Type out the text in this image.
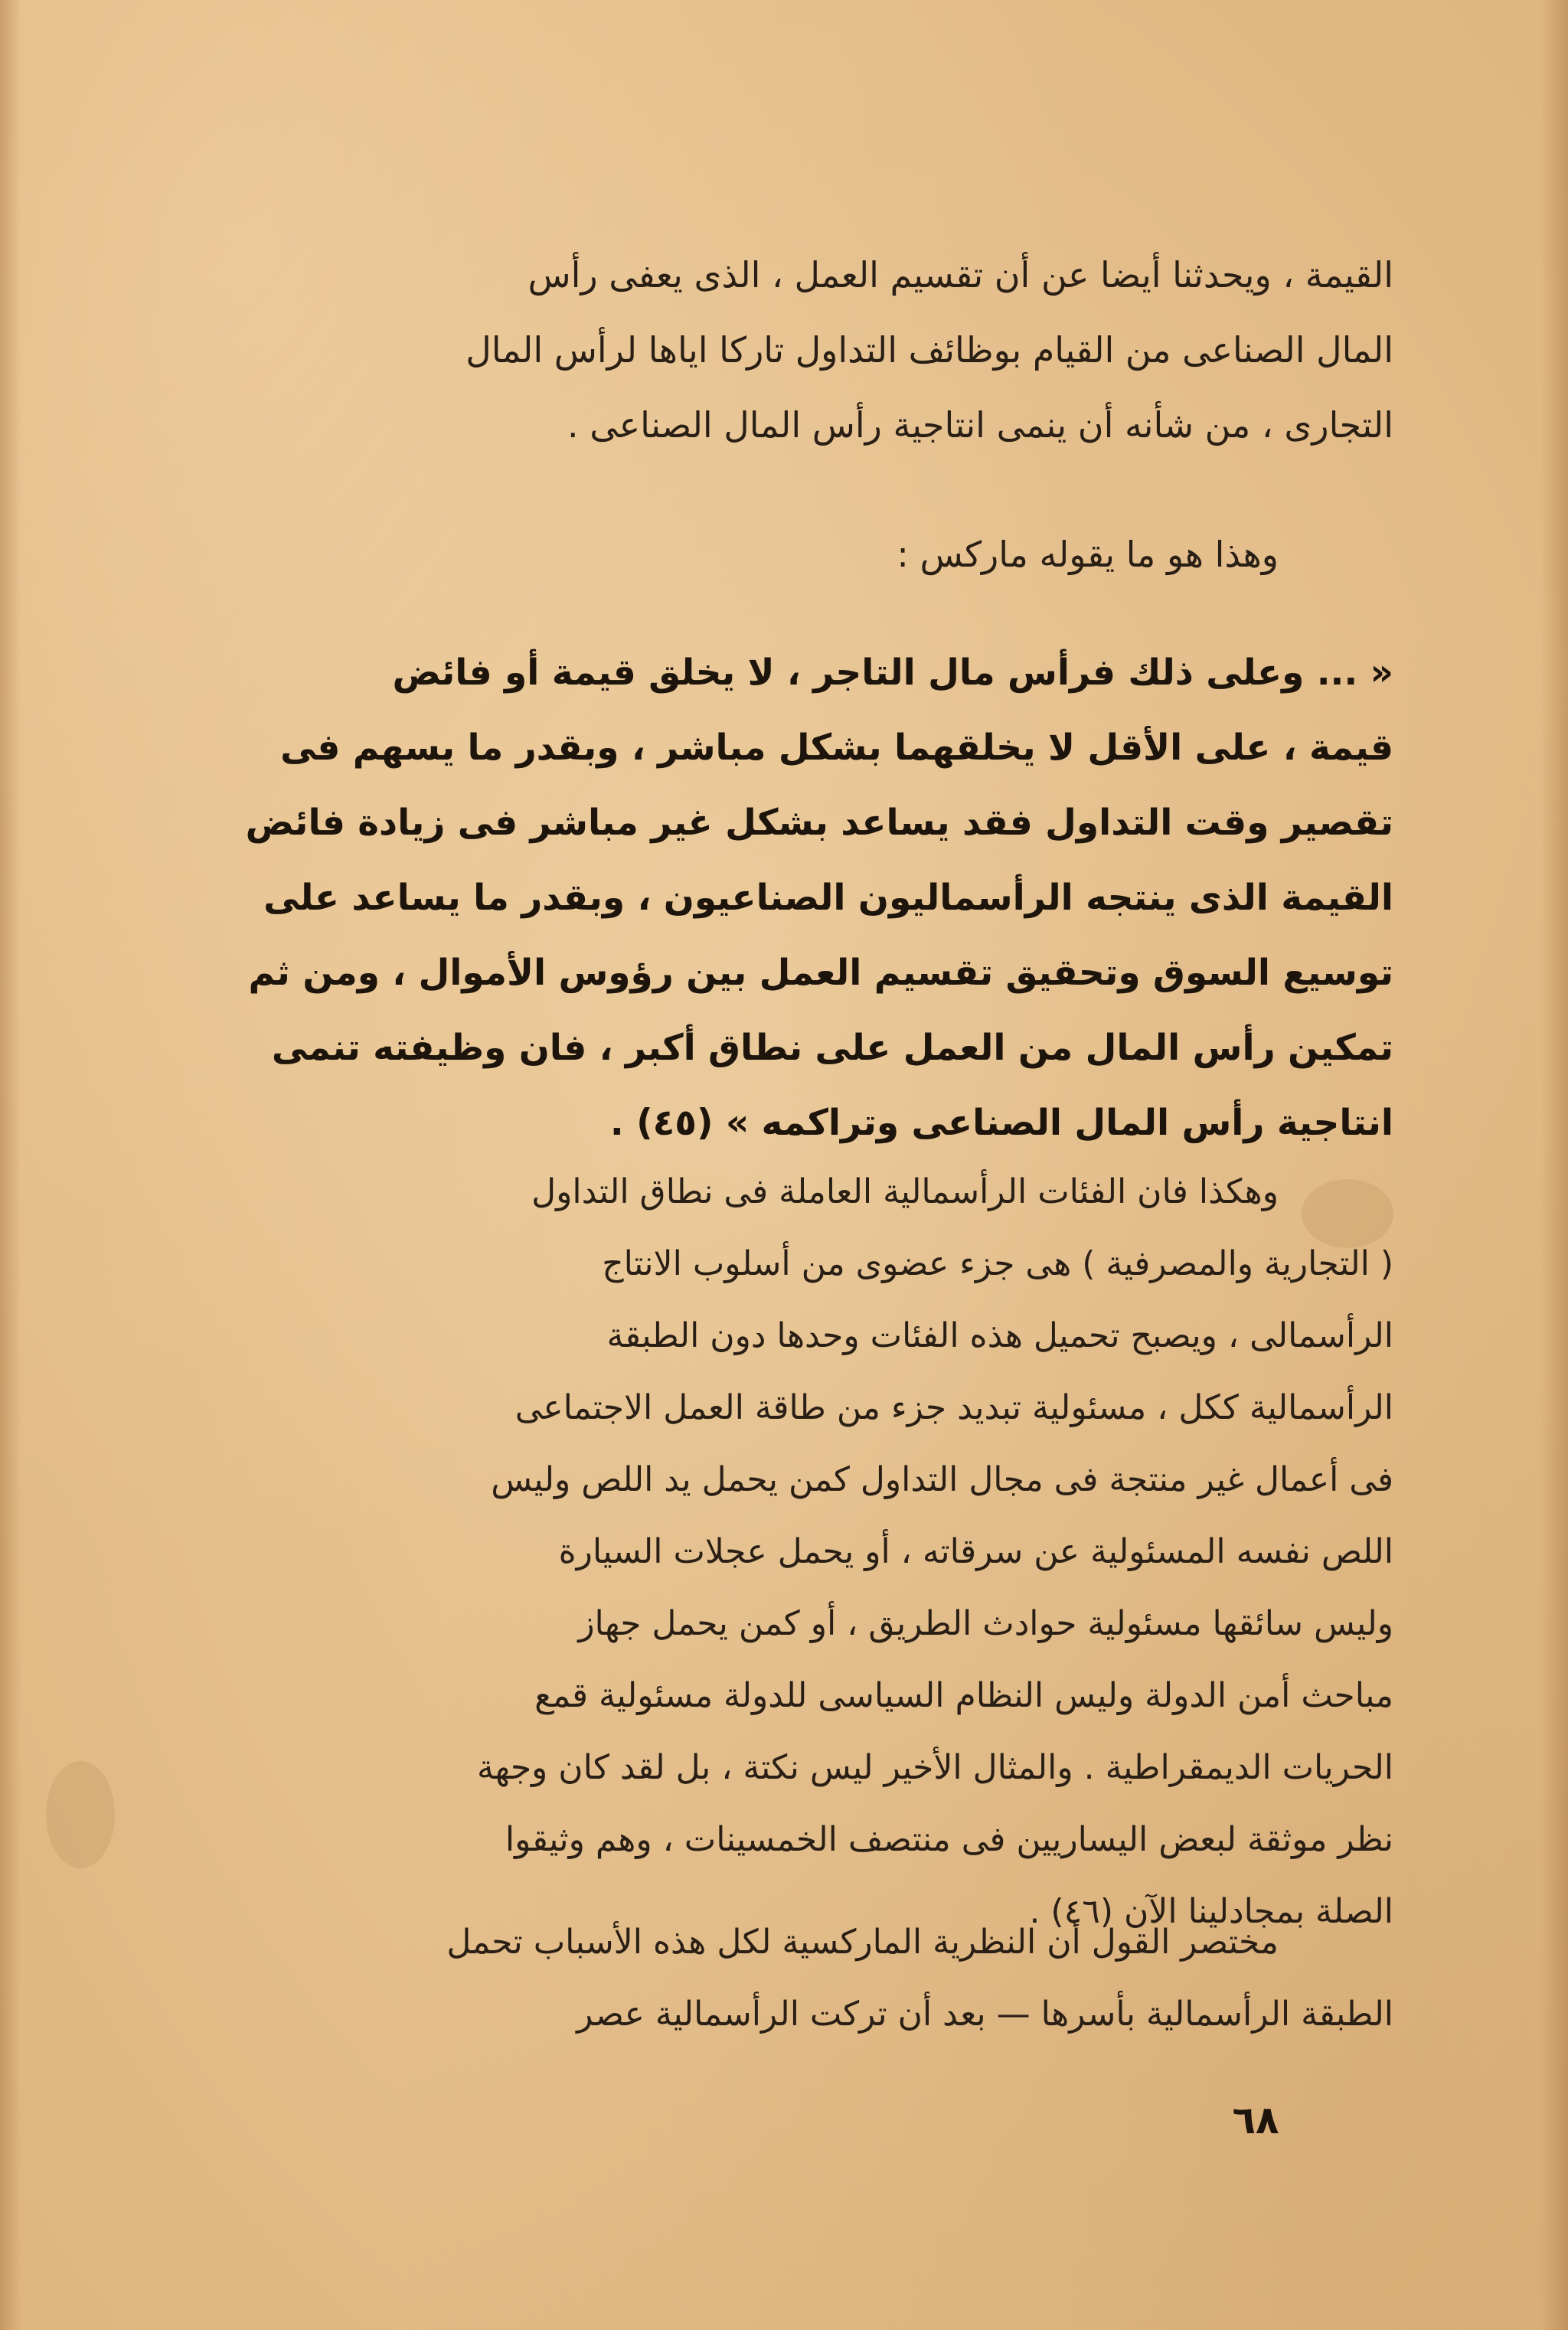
القيمة ، ويحدثنا أيضا عن أن تقسيم العمل ، الذى يعفى رأس
المال الصناعى من القيام بوظائف التداول تاركا اياها لرأس المال
التجارى ، من شأنه أن ينمى انتاجية رأس المال الصناعى .
وهذا هو ما يقوله ماركس :
« ... وعلى ذلك فرأس مال التاجر ، لا يخلق قيمة أو فائض
قيمة ، على الأقل لا يخلقهما بشكل مباشر ، وبقدر ما يسهم فى
تقصير وقت التداول فقد يساعد بشكل غير مباشر فى زيادة فائض
القيمة الذى ينتجه الرأسماليون الصناعيون ، وبقدر ما يساعد على
توسيع السوق وتحقيق تقسيم العمل بين رؤوس الأموال ، ومن ثم
تمكين رأس المال من العمل على نطاق أكبر ، فان وظيفته تنمى
انتاجية رأس المال الصناعى وتراكمه » (٤٥) .
وهكذا فان الفئات الرأسمالية العاملة فى نطاق التداول
( التجارية والمصرفية ) هى جزء عضوى من أسلوب الانتاج
الرأسمالى ، ويصبح تحميل هذه الفئات وحدها دون الطبقة
الرأسمالية ككل ، مسئولية تبديد جزء من طاقة العمل الاجتماعى
فى أعمال غير منتجة فى مجال التداول كمن يحمل يد اللص وليس
اللص نفسه المسئولية عن سرقاته ، أو يحمل عجلات السيارة
وليس سائقها مسئولية حوادث الطريق ، أو كمن يحمل جهاز
مباحث أمن الدولة وليس النظام السياسى للدولة مسئولية قمع
الحريات الديمقراطية . والمثال الأخير ليس نكتة ، بل لقد كان وجهة
نظر موثقة لبعض اليساريين فى منتصف الخمسينات ، وهم وثيقوا
الصلة بمجادلينا الآن (٤٦) .
مختصر القول أن النظرية الماركسية لكل هذه الأسباب تحمل
الطبقة الرأسمالية بأسرها — بعد أن تركت الرأسمالية عصر
٦٨
